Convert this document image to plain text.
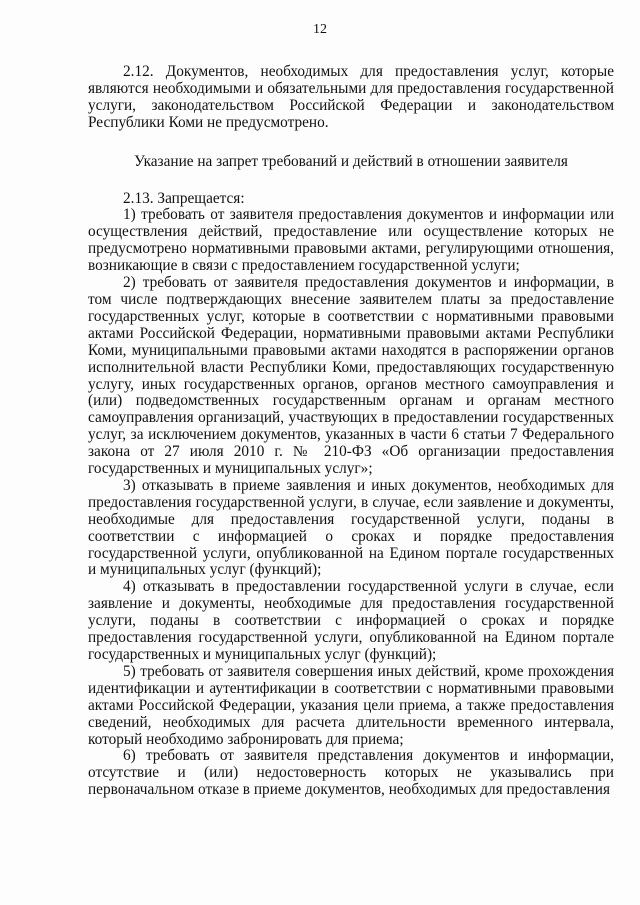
12

2.12. Документов, необходимых для предоставления услуг, которые являются необходимыми и обязательными для предоставления государственной услуги, законодательством Российской Федерации и законодательством Республики Коми не предусмотрено.

Указание на запрет требований и действий в отношении заявителя

2.13. Запрещается:

1) требовать от заявителя предоставления документов и информации или осуществления действий, предоставление или осуществление которых не предусмотрено нормативными правовыми актами, регулирующими отношения, возникающие в связи с предоставлением государственной услуги;

2) требовать от заявителя предоставления документов и информации, в том числе подтверждающих внесение заявителем платы за предоставление государственных услуг, которые в соответствии с нормативными правовыми актами Российской Федерации, нормативными правовыми актами Республики Коми, муниципальными правовыми актами находятся в распоряжении органов исполнительной власти Республики Коми, предоставляющих государственную услугу, иных государственных органов, органов местного самоуправления и (или) подведомственных государственным органам и органам местного самоуправления организаций, участвующих в предоставлении государственных услуг, за исключением документов, указанных в части 6 статьи 7 Федерального закона от 27 июля 2010 г. № 210-ФЗ «Об организации предоставления государственных и муниципальных услуг»;

3) отказывать в приеме заявления и иных документов, необходимых для предоставления государственной услуги, в случае, если заявление и документы, необходимые для предоставления государственной услуги, поданы в соответствии с информацией о сроках и порядке предоставления государственной услуги, опубликованной на Едином портале государственных и муниципальных услуг (функций);

4) отказывать в предоставлении государственной услуги в случае, если заявление и документы, необходимые для предоставления государственной услуги, поданы в соответствии с информацией о сроках и порядке предоставления государственной услуги, опубликованной на Едином портале государственных и муниципальных услуг (функций);

5) требовать от заявителя совершения иных действий, кроме прохождения идентификации и аутентификации в соответствии с нормативными правовыми актами Российской Федерации, указания цели приема, а также предоставления сведений, необходимых для расчета длительности временного интервала, который необходимо забронировать для приема;

6) требовать от заявителя представления документов и информации, отсутствие и (или) недостоверность которых не указывались при первоначальном отказе в приеме документов, необходимых для предоставления
